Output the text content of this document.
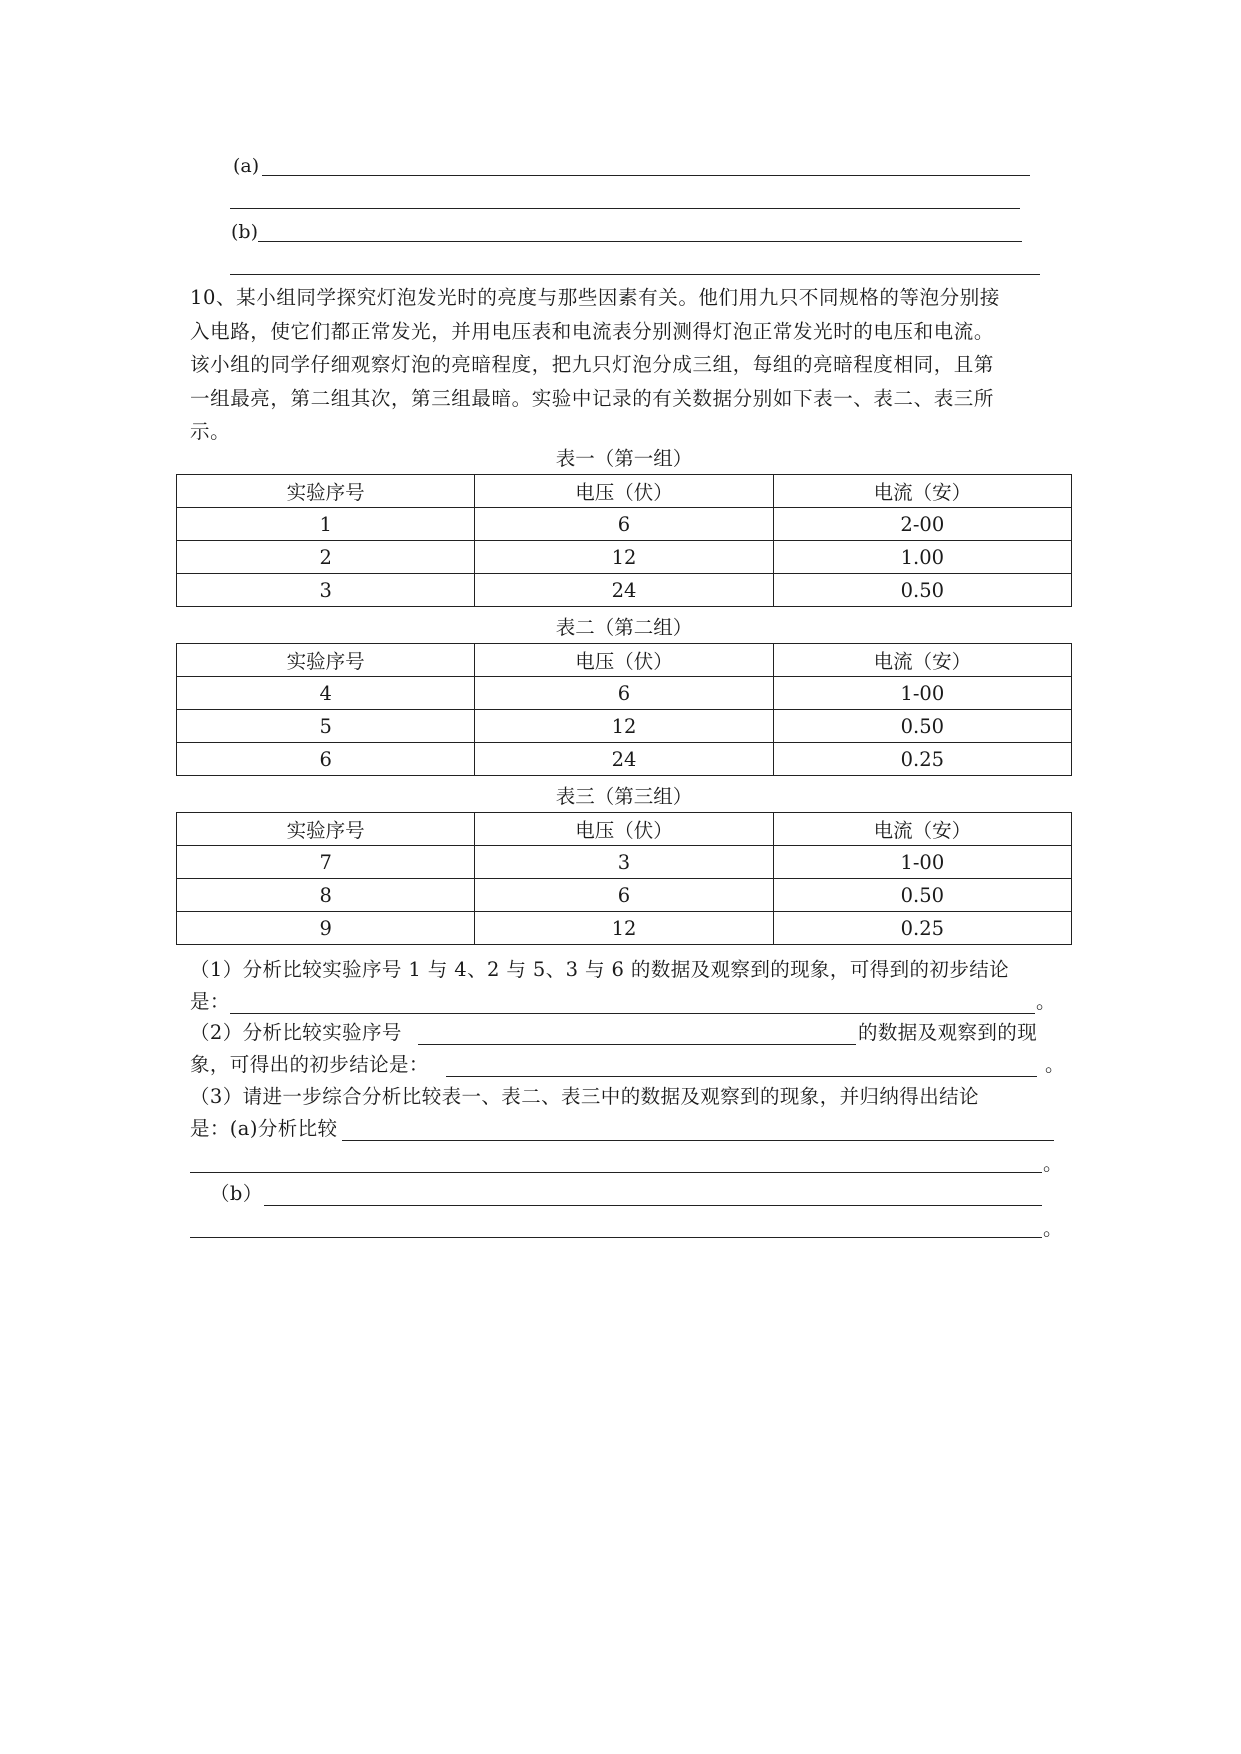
(a)
(b)
10、某小组同学探究灯泡发光时的亮度与那些因素有关。他们用九只不同规格的等泡分别接
入电路，使它们都正常发光，并用电压表和电流表分别测得灯泡正常发光时的电压和电流。
该小组的同学仔细观察灯泡的亮暗程度，把九只灯泡分成三组，每组的亮暗程度相同，且第
一组最亮，第二组其次，第三组最暗。实验中记录的有关数据分别如下表一、表二、表三所
示。
表一（第一组）
实验序号	电压（伏）	电流（安）
1	6	2-00
2	12	1.00
3	24	0.50
表二（第二组）
实验序号	电压（伏）	电流（安）
4	6	1-00
5	12	0.50
6	24	0.25
表三（第三组）
实验序号	电压（伏）	电流（安）
7	3	1-00
8	6	0.50
9	12	0.25
（1）分析比较实验序号 1 与 4、2 与 5、3 与 6 的数据及观察到的现象，可得到的初步结论
是：	。
（2）分析比较实验序号	的数据及观察到的现
象，可得出的初步结论是：	。
（3）请进一步综合分析比较表一、表二、表三中的数据及观察到的现象，并归纳得出结论
是：(a)分析比较
。
（b）
。
